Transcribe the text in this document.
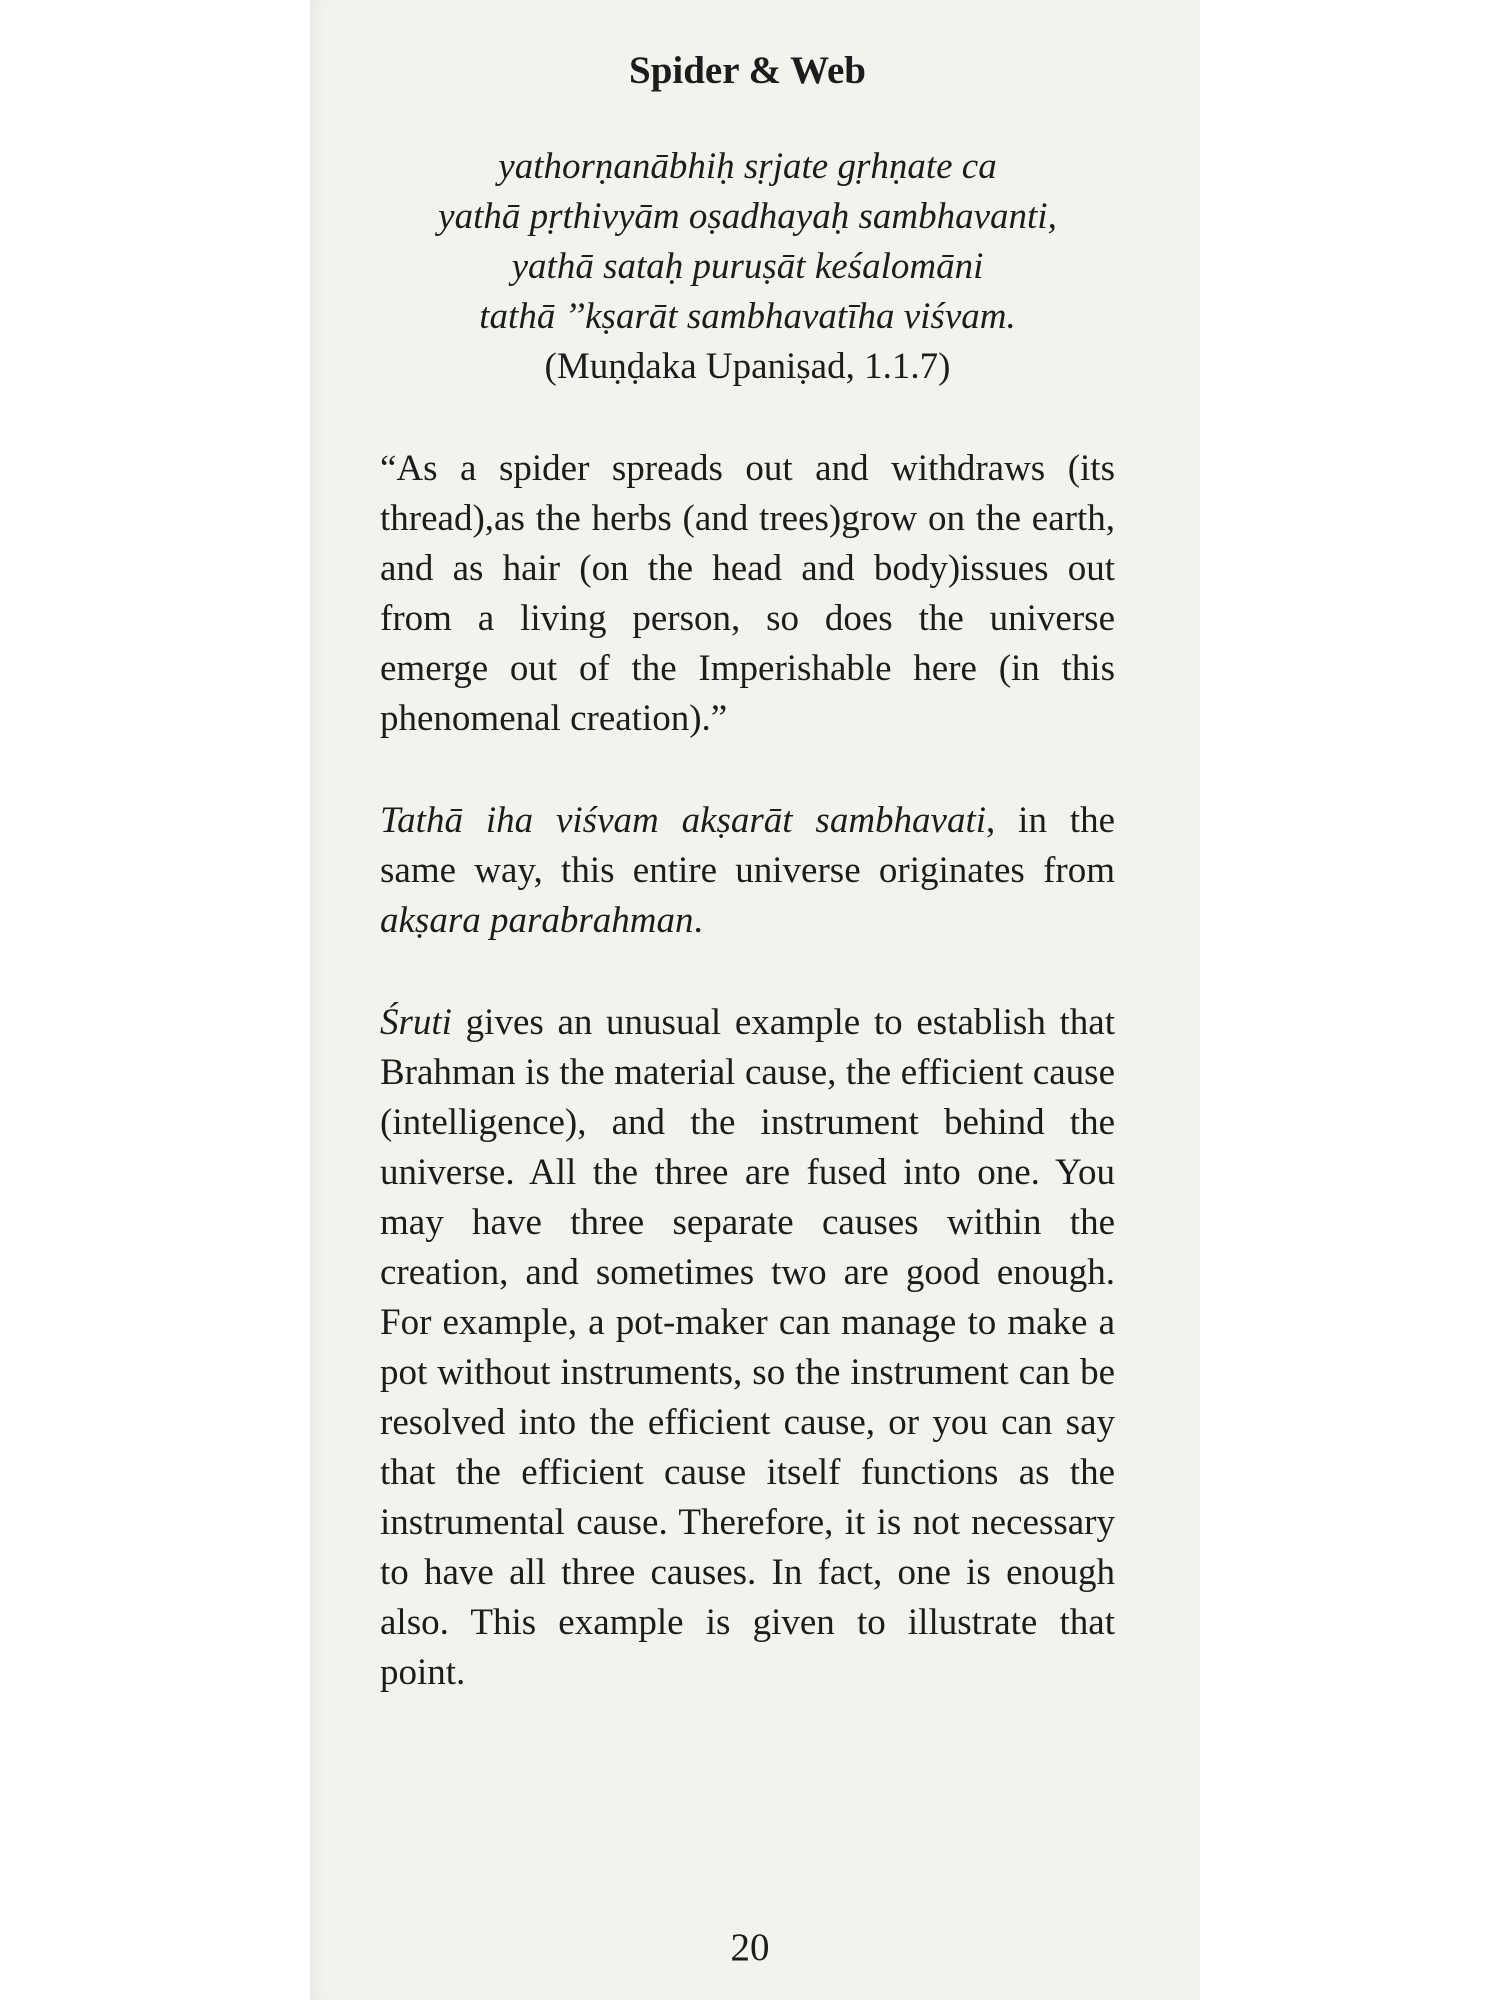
Spider & Web
yathorṇanābhiḥ sṛjate gṛhṇate ca
yathā pṛthivyām oṣadhayaḥ sambhavanti,
yathā sataḥ puruṣāt keśalomāni
tathā ’’kṣarāt sambhavatīha viśvam.
(Muṇḍaka Upaniṣad, 1.1.7)

“As a spider spreads out and withdraws (its thread),as the herbs (and trees)grow on the earth, and as hair (on the head and body)issues out from a living person, so does the universe emerge out of the Imperishable here (in this phenomenal creation).”

Tathā iha viśvam akṣarāt sambhavati, in the same way, this entire universe originates from akṣara parabrahman.

Śruti gives an unusual example to establish that Brahman is the material cause, the efficient cause (intelligence), and the instrument behind the universe. All the three are fused into one. You may have three separate causes within the creation, and sometimes two are good enough. For example, a pot-maker can manage to make a pot without instruments, so the instrument can be resolved into the efficient cause, or you can say that the efficient cause itself functions as the instrumental cause. Therefore, it is not necessary to have all three causes. In fact, one is enough also. This example is given to illustrate that point.

20
